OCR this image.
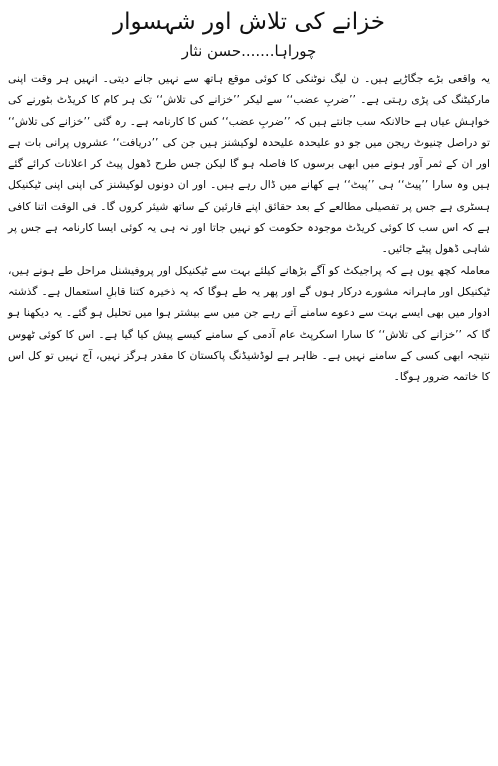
خزانے کی تلاش اور شہسوار
چوراہا.......حسن نثار

یہ واقعی بڑے جگاڑیے ہیں۔ ن لیگ نوٹنکی کا کوئی موقع ہاتھ سے نہیں جانے دیتی۔ انہیں ہر وقت اپنی مارکیٹنگ کی پڑی رہتی ہے۔ ’’ضربِ عضب‘‘ سے لیکر ’’خزانے کی تلاش‘‘ تک ہر کام کا کریڈٹ بٹورنے کی خواہش عیاں ہے حالانکہ سب جانتے ہیں کہ ’’ضربِ عضب‘‘ کس کا کارنامہ ہے۔ رہ گئی ’’خزانے کی تلاش‘‘ تو دراصل چنیوٹ ریجن میں جو دو علیحدہ علیحدہ لوکیشنز ہیں جن کی ’’دریافت‘‘ عشروں پرانی بات ہے اور ان کے ثمر آور ہونے میں ابھی برسوں کا فاصلہ ہو گا لیکن جس طرح ڈھول پیٹ کر اعلانات کرائے گئے ہیں وہ سارا ’’پیٹ‘‘ ہی ’’پیٹ‘‘ ہے کھانے میں ڈال رہے ہیں۔ اور ان دونوں لوکیشنز کی اپنی اپنی ٹیکنیکل ہسٹری ہے جس پر تفصیلی مطالعے کے بعد حقائق اپنے قارئین کے ساتھ شیئر کروں گا۔ فی الوقت اتنا کافی ہے کہ اس سب کا کوئی کریڈٹ موجودہ حکومت کو نہیں جاتا اور نہ ہی یہ کوئی ایسا کارنامہ ہے جس پر شاہی ڈھول پیٹے جائیں۔

معاملہ کچھ یوں ہے کہ پراجیکٹ کو آگے بڑھانے کیلئے بہت سے ٹیکنیکل اور پروفیشنل مراحل طے ہونے ہیں، ٹیکنیکل اور ماہرانہ مشورے درکار ہوں گے اور پھر یہ طے ہوگا کہ یہ ذخیرہ کتنا قابلِ استعمال ہے۔ گذشتہ ادوار میں بھی ایسے بہت سے دعوے سامنے آتے رہے جن میں سے بیشتر ہوا میں تحلیل ہو گئے۔ یہ دیکھنا ہو گا کہ ’’خزانے کی تلاش‘‘ کا سارا اسکرپٹ عام آدمی کے سامنے کیسے پیش کیا گیا ہے۔ اس کا کوئی ٹھوس نتیجہ ابھی کسی کے سامنے نہیں ہے۔ ظاہر ہے لوڈشیڈنگ پاکستان کا مقدر ہرگز نہیں، آج نہیں تو کل اس کا خاتمہ ضرور ہوگا۔
